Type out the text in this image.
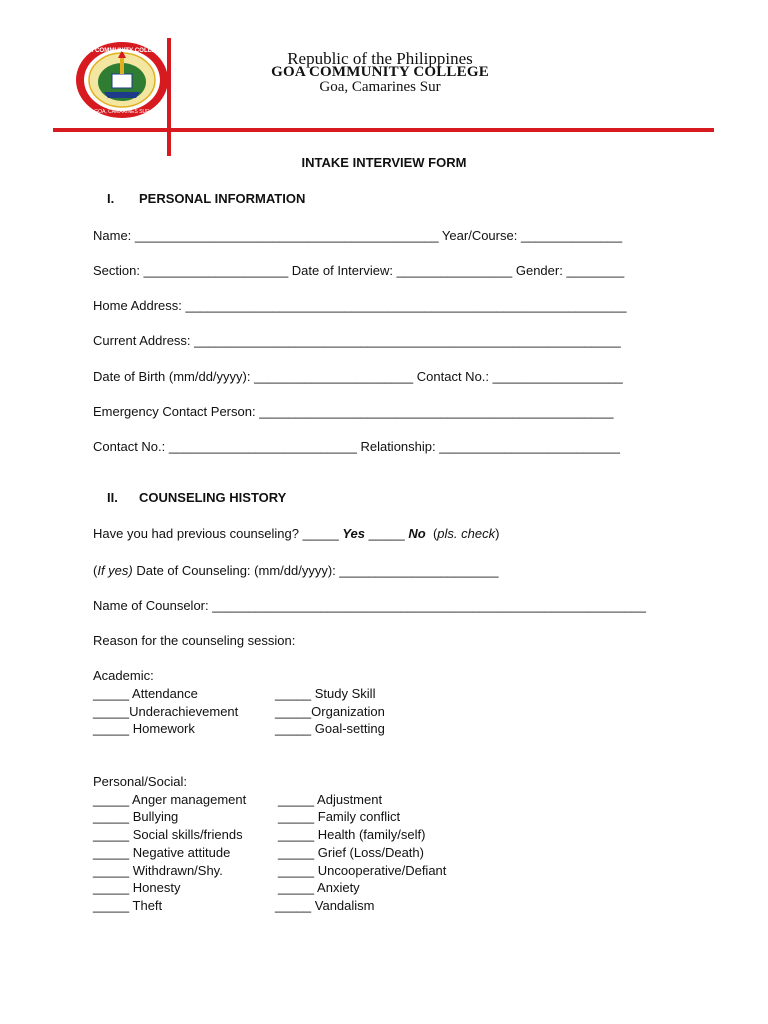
GOA COMMUNITY COLLEGE
GOA, CAMARINES SUR
Republic of the Philippines
GOA COMMUNITY COLLEGE
Goa, Camarines Sur
INTAKE INTERVIEW FORM
I. PERSONAL INFORMATION
Name: __________________________________________ Year/Course: ______________
Section: ____________________ Date of Interview: ________________ Gender: ________
Home Address: _____________________________________________________________
Current Address: ___________________________________________________________
Date of Birth (mm/dd/yyyy): ______________________ Contact No.: __________________
Emergency Contact Person: _________________________________________________
Contact No.: __________________________ Relationship: _________________________
II. COUNSELING HISTORY
Have you had previous counseling? _____ Yes _____ No  (pls. check)
(If yes) Date of Counseling: (mm/dd/yyyy): ______________________
Name of Counselor: ____________________________________________________________
Reason for the counseling session:
Academic:
_____ Attendance
_____Underachievement
_____ Homework
_____ Study Skill
_____Organization
_____ Goal-setting
Personal/Social:
_____ Anger management
_____ Bullying
_____ Social skills/friends
_____ Negative attitude
_____ Withdrawn/Shy.
_____ Honesty
_____ Theft
_____ Adjustment
_____ Family conflict
_____ Health (family/self)
_____ Grief (Loss/Death)
_____ Uncooperative/Defiant
_____ Anxiety
_____ Vandalism
